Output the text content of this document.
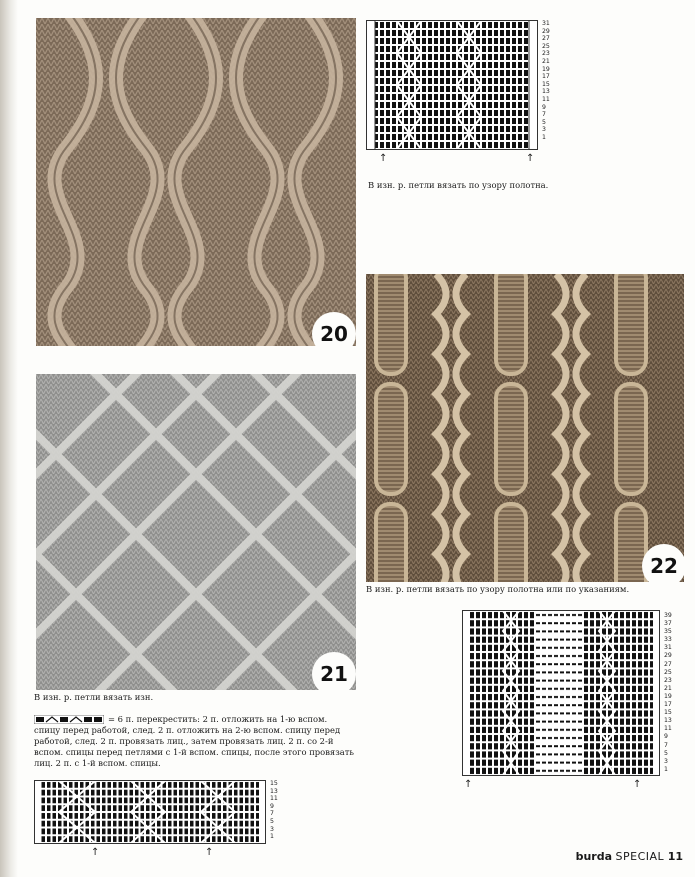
20
31
29
27
25
23
21
19
17
15
13
11
9
7
5
3
1
↑	↑
В изн. р. петли вязать по узору полотна.
21
В изн. р. петли вязать изн.
= 6 п. перекрестить: 2 п. отложить на 1-ю вспом. спицу перед работой, след. 2 п. отложить на 2-ю вспом. спицу перед работой, след. 2 п. провязать лиц., затем провязать лиц. 2 п. со 2-й вспом. спицы перед петлями с 1-й вспом. спицы, после этого провязать лиц. 2 п. с 1-й вспом. спицы.
15
13
11
9
7
5
3
1
↑	↑
22
В изн. р. петли вязать по узору полотна или по указаниям.
39
37
35
33
31
29
27
25
23
21
19
17
15
13
11
9
7
5
3
1
↑	↑
burda SPECIAL 11
